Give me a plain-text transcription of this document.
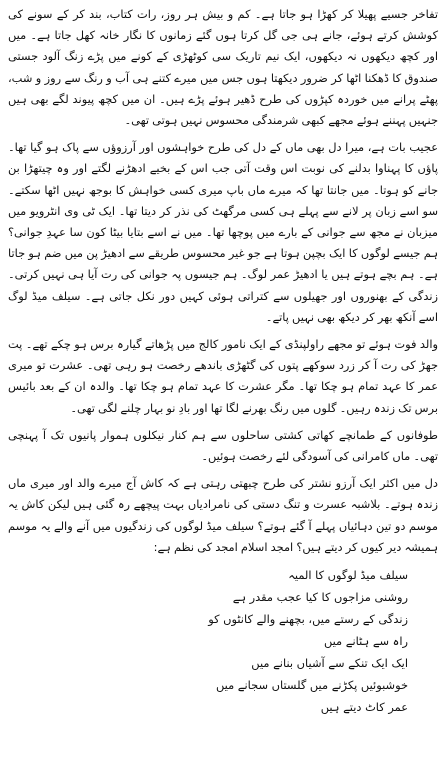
تفاخر جسیے پھیلا کر کھڑا ہو جاتا ہے۔ کم و بیش ہر روز، رات کتاب، بند کر کے سونے کی کوشش کرتے ہوئے، جانے ہی جی گل کرتا ہوں گئے زمانوں کا نگار خانہ کھل جاتا ہے۔ میں اور کچھ دیکھوں نہ دیکھوں، ایک نیم تاریک سی کوٹھڑی کے کونے میں پڑے زنگ آلود جستی صندوق کا ڈھکنا اٹھا کر ضرور دیکھتا ہوں جس میں میرے کتنے ہی آب و رنگ سے روز و شب، پھٹے پرانے میں خوردہ کپڑوں کی طرح ڈھیر ہوئے پڑے ہیں۔ ان میں کچھ پیوند لگے بھی ہیں جنہیں پہننے ہوئے مجھے کبھی شرمندگی محسوس نہیں ہوتی تھی۔

عجیب بات ہے، میرا دل بھی ماں کے دل کی طرح خواہشوں اور آرزوؤں سے پاک ہو گیا تھا۔ پاؤں کا پہناوا بدلنے کی نوبت اس وقت آتی جب اس کے بخیے ادھڑنے لگتے اور وہ چیتھڑا بن جانے کو ہوتا۔ میں جانتا تھا کہ میرے ماں باپ میری کسی خواہش کا بوجھ نہیں اٹھا سکتے۔ سو اسے زبان پر لانے سے پہلے ہی کسی مرگھٹ کی نذر کر دیتا تھا۔ ایک ٹی وی انٹرویو میں میزبان نے مجھ سے جوانی کے بارے میں پوچھا تھا۔ میں نے اسے بتایا بیٹا کون سا عہدِ جوانی؟ ہم جیسے لوگوں کا ایک بچپن ہوتا ہے جو غیر محسوس طریقے سے ادھیڑ پن میں ضم ہو جاتا ہے۔ ہم بچے ہوتے ہیں یا ادھیڑ عمر لوگ۔ ہم جیسوں پہ جوانی کی رت آیا ہی نہیں کرتی۔ زندگی کے بھنوروں اور جھیلوں سے کتراتی ہوئی کہیں دور نکل جاتی ہے۔ سیلف میڈ لوگ اسے آنکھ بھر کر دیکھ بھی نہیں پاتے۔

والد فوت ہوئے تو مجھے راولپنڈی کے ایک نامور کالج میں پڑھاتے گیارہ برس ہو چکے تھے۔ پت جھڑ کی رت آ کر زرد سوکھے پتوں کی گٹھڑی باندھے رخصت ہو رہی تھی۔ عشرت تو میری عمر کا عہد تمام ہو چکا تھا۔ مگر عشرت کا عہد تمام ہو چکا تھا۔ والدہ ان کے بعد بائیس برس تک زندہ رہیں۔ گلوں میں رنگ بھرنے لگا تھا اور بادِ نو بہار چلنے لگی تھی۔

طوفانوں کے طمانچے کھاتی کشتی ساحلوں سے ہم کنار نیکلوں ہموار پانیوں تک آ پہنچی تھی۔ ماں کامرانی کی آسودگی لئے رخصت ہوئیں۔

دل میں اکثر ایک آرزو نشتر کی طرح چبھتی رہتی ہے کہ کاش آج میرے والد اور میری ماں زندہ ہوتے۔ بلاشبہ عسرت و تنگ دستی کی نامرادیاں بہت پیچھے رہ گئی ہیں لیکن کاش یہ موسم دو تین دہائیاں پہلے آ گئے ہوتے؟ سیلف میڈ لوگوں کی زندگیوں میں آنے والے یہ موسم ہمیشہ دیر کیوں کر دیتے ہیں؟ امجد اسلام امجد کی نظم ہے:

سیلف میڈ لوگوں کا المیہ
روشنی مزاجوں کا کیا عجب مقدر ہے
زندگی کے رستے میں، بچھنے والے کانٹوں کو
راہ سے ہٹانے میں
ایک ایک تنکے سے آشیاں بنانے میں
خوشبوئیں پکڑنے میں گلستاں سجانے میں
عمر کاٹ دیتے ہیں
